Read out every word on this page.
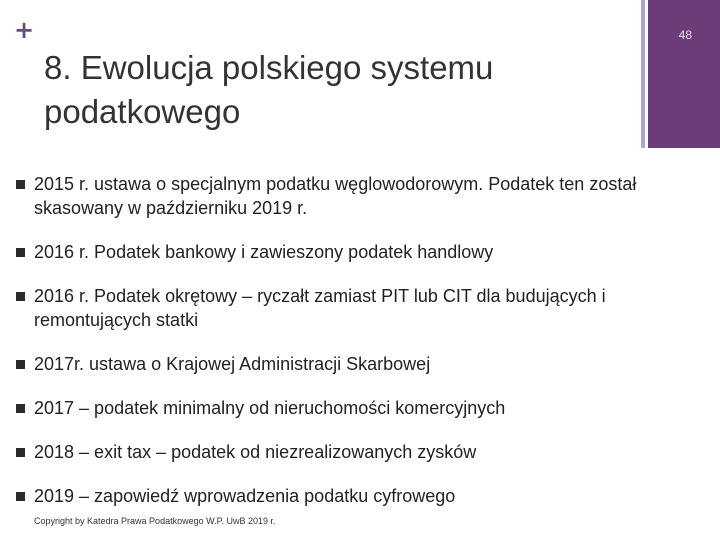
+
8. Ewolucja polskiego systemu podatkowego
48
2015 r. ustawa o specjalnym podatku węglowodorowym. Podatek ten został skasowany w październiku 2019 r.
2016 r. Podatek bankowy i zawieszony podatek handlowy
2016 r. Podatek okrętowy – ryczałt zamiast PIT lub CIT dla budujących i remontujących statki
2017r. ustawa o Krajowej Administracji Skarbowej
2017 – podatek minimalny od nieruchomości komercyjnych
2018 – exit tax – podatek od niezrealizowanych zysków
2019 – zapowiedź wprowadzenia podatku cyfrowego
Copyright by Katedra Prawa Podatkowego W.P. UwB 2019 r.
